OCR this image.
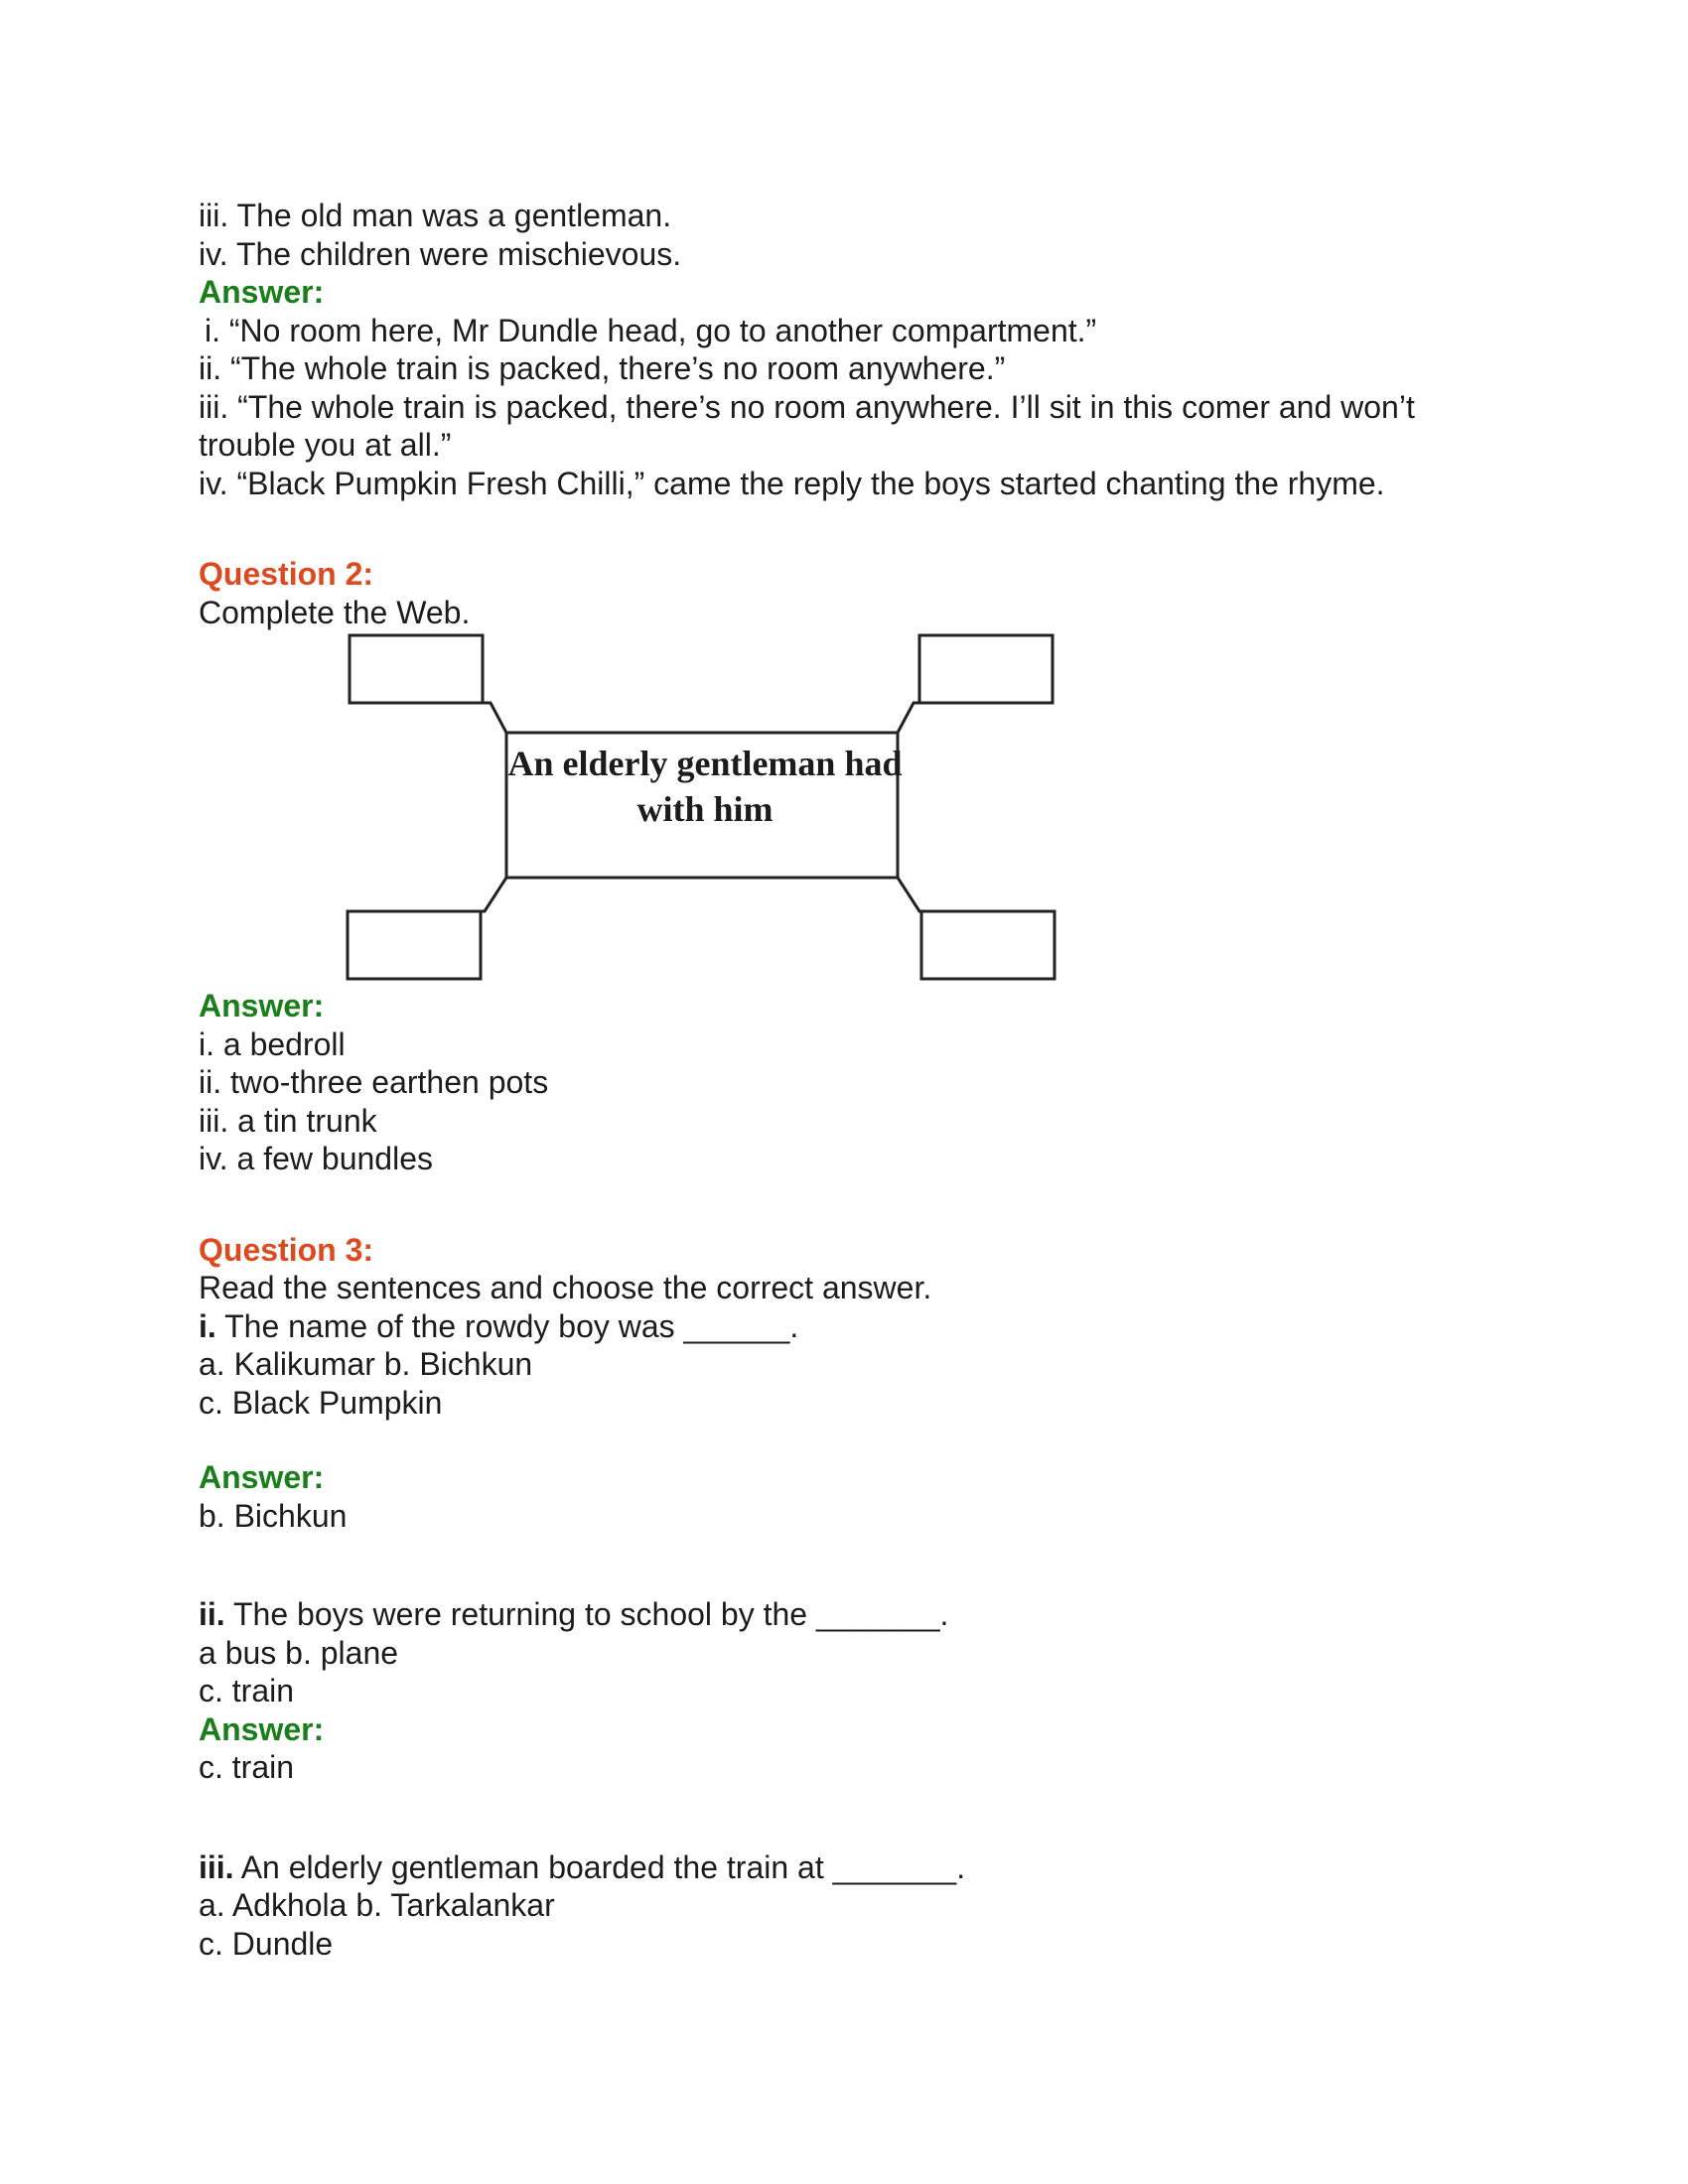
iii. The old man was a gentleman.
iv. The children were mischievous.
Answer:
i. “No room here, Mr Dundle head, go to another compartment.”
ii. “The whole train is packed, there’s no room anywhere.”
iii. “The whole train is packed, there’s no room anywhere. I’ll sit in this comer and won’t trouble you at all.”
iv. “Black Pumpkin Fresh Chilli,” came the reply the boys started chanting the rhyme.
Question 2:
Complete the Web.
An elderly gentleman had with him
Answer:
i. a bedroll
ii. two-three earthen pots
iii. a tin trunk
iv. a few bundles
Question 3:
Read the sentences and choose the correct answer.
i. The name of the rowdy boy was ______.
a. Kalikumar b. Bichkun
c. Black Pumpkin
Answer:
b. Bichkun
ii. The boys were returning to school by the _______.
a bus b. plane
c. train
Answer:
c. train
iii. An elderly gentleman boarded the train at _______.
a. Adkhola b. Tarkalankar
c. Dundle
